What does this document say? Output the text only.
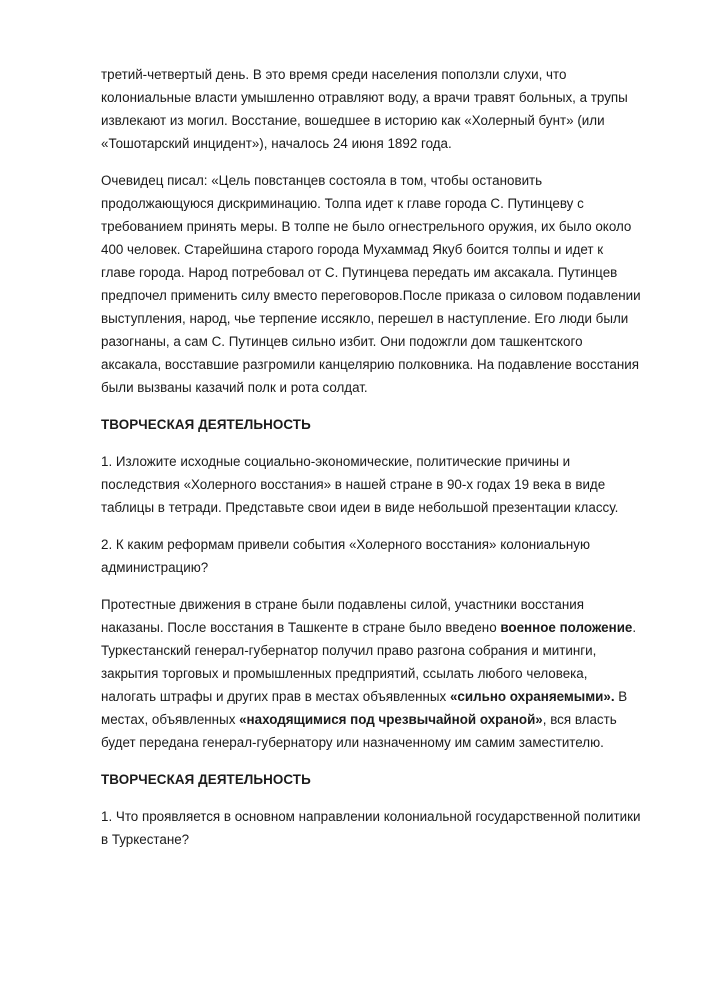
третий-четвертый день. В это время среди населения поползли слухи, что колониальные власти умышленно отравляют воду, а врачи травят больных, а трупы извлекают из могил. Восстание, вошедшее в историю как «Холерный бунт» (или «Тошотарский инцидент»), началось 24 июня 1892 года.

Очевидец писал: «Цель повстанцев состояла в том, чтобы остановить продолжающуюся дискриминацию. Толпа идет к главе города С. Путинцеву с требованием принять меры. В толпе не было огнестрельного оружия, их было около 400 человек. Старейшина старого города Мухаммад Якуб боится толпы и идет к главе города. Народ потребовал от С. Путинцева передать им аксакала. Путинцев предпочел применить силу вместо переговоров.После приказа о силовом подавлении выступления, народ, чье терпение иссякло, перешел в наступление. Его люди были разогнаны, а сам С. Путинцев сильно избит. Они подожгли дом ташкентского аксакала, восставшие разгромили канцелярию полковника. На подавление восстания были вызваны казачий полк и рота солдат.

ТВОРЧЕСКАЯ ДЕЯТЕЛЬНОСТЬ

1. Изложите исходные социально-экономические, политические причины и последствия «Холерного восстания» в нашей стране в 90-х годах 19 века в виде таблицы в тетради. Представьте свои идеи в виде небольшой презентации классу.

2. К каким реформам привели события «Холерного восстания» колониальную администрацию?

Протестные движения в стране были подавлены силой, участники восстания наказаны. После восстания в Ташкенте в стране было введено военное положение. Туркестанский генерал-губернатор получил право разгона собрания и митинги, закрытия торговых и промышленных предприятий, ссылать любого человека, налогать штрафы и других прав в местах объявленных «сильно охраняемыми». В местах, объявленных «находящимися под чрезвычайной охраной», вся власть будет передана генерал-губернатору или назначенному им самим заместителю.

ТВОРЧЕСКАЯ ДЕЯТЕЛЬНОСТЬ

1. Что проявляется в основном направлении колониальной государственной политики в Туркестане?
